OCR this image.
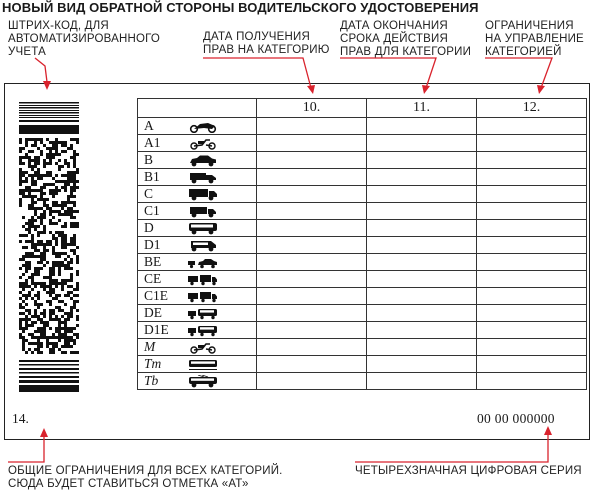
НОВЫЙ ВИД ОБРАТНОЙ СТОРОНЫ ВОДИТЕЛЬСКОГО УДОСТОВЕРЕНИЯ
ШТРИХ-КОД, ДЛЯ
АВТОМАТИЗИРОВАННОГО
УЧЕТА
ДАТА ПОЛУЧЕНИЯ
ПРАВ НА КАТЕГОРИЮ
ДАТА ОКОНЧАНИЯ
СРОКА ДЕЙСТВИЯ
ПРАВ ДЛЯ КАТЕГОРИИ
ОГРАНИЧЕНИЯ
НА УПРАВЛЕНИЕ
КАТЕГОРИЕЙ
	10.	11.	12.

A			

A1			

B			

B1			

C			

C1			

D			

D1			

BE			

CE			

C1E			

DE			

D1E			

M			

Tm			

Tb			

14.	00 00 000000
ОБЩИЕ ОГРАНИЧЕНИЯ ДЛЯ ВСЕХ КАТЕГОРИЙ.
СЮДА БУДЕТ СТАВИТЬСЯ ОТМЕТКА «АТ»
ЧЕТЫРЕХЗНАЧНАЯ ЦИФРОВАЯ СЕРИЯ
